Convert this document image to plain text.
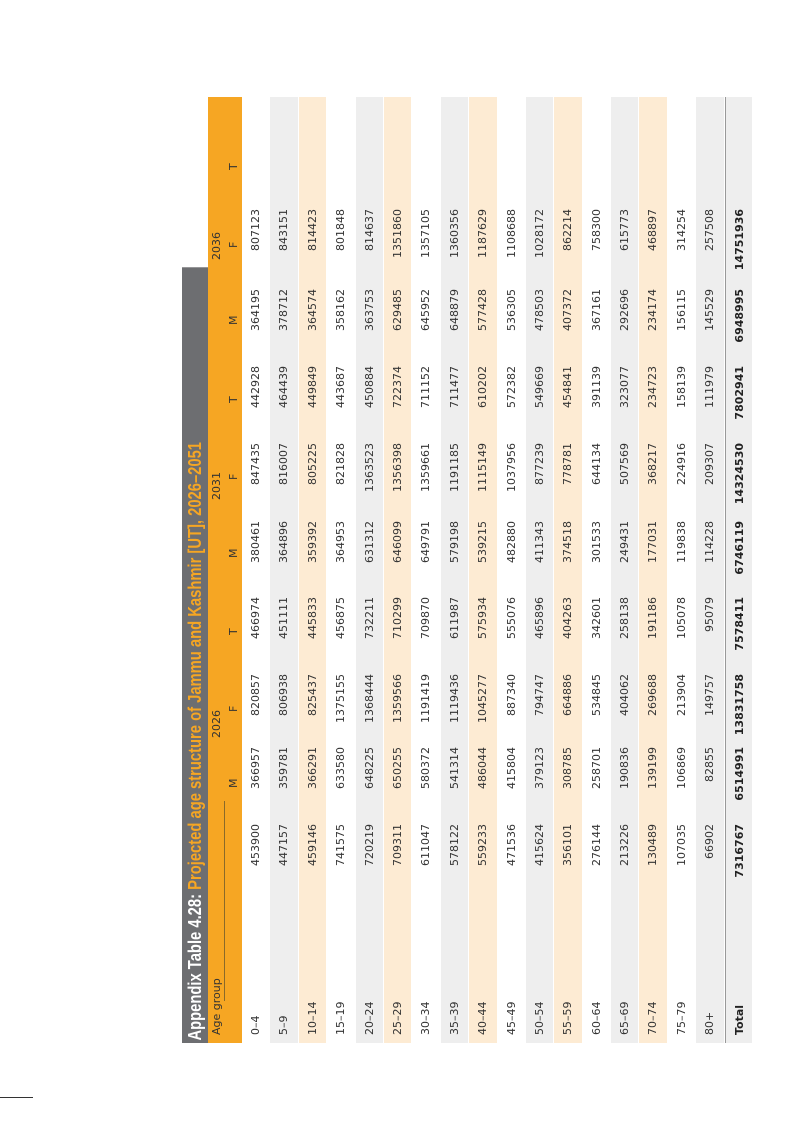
Appendix Table 4.28: Projected age structure of Jammu and Kashmir [UT], 2026–2051
Age group
2026
2031
2036
M
F
T
M
F
T
M
F
T
0–4
453900
366957
820857
466974
380461
847435
442928
364195
807123
5–9
447157
359781
806938
451111
364896
816007
464439
378712
843151
10–14
459146
366291
825437
445833
359392
805225
449849
364574
814423
15–19
741575
633580
1375155
456875
364953
821828
443687
358162
801848
20–24
720219
648225
1368444
732211
631312
1363523
450884
363753
814637
25–29
709311
650255
1359566
710299
646099
1356398
722374
629485
1351860
30–34
611047
580372
1191419
709870
649791
1359661
711152
645952
1357105
35–39
578122
541314
1119436
611987
579198
1191185
711477
648879
1360356
40–44
559233
486044
1045277
575934
539215
1115149
610202
577428
1187629
45–49
471536
415804
887340
555076
482880
1037956
572382
536305
1108688
50–54
415624
379123
794747
465896
411343
877239
549669
478503
1028172
55–59
356101
308785
664886
404263
374518
778781
454841
407372
862214
60–64
276144
258701
534845
342601
301533
644134
391139
367161
758300
65–69
213226
190836
404062
258138
249431
507569
323077
292696
615773
70–74
130489
139199
269688
191186
177031
368217
234723
234174
468897
75–79
107035
106869
213904
105078
119838
224916
158139
156115
314254
80+
66902
82855
149757
95079
114228
209307
111979
145529
257508
Total
7316767
6514991
13831758
7578411
6746119
14324530
7802941
6948995
14751936
